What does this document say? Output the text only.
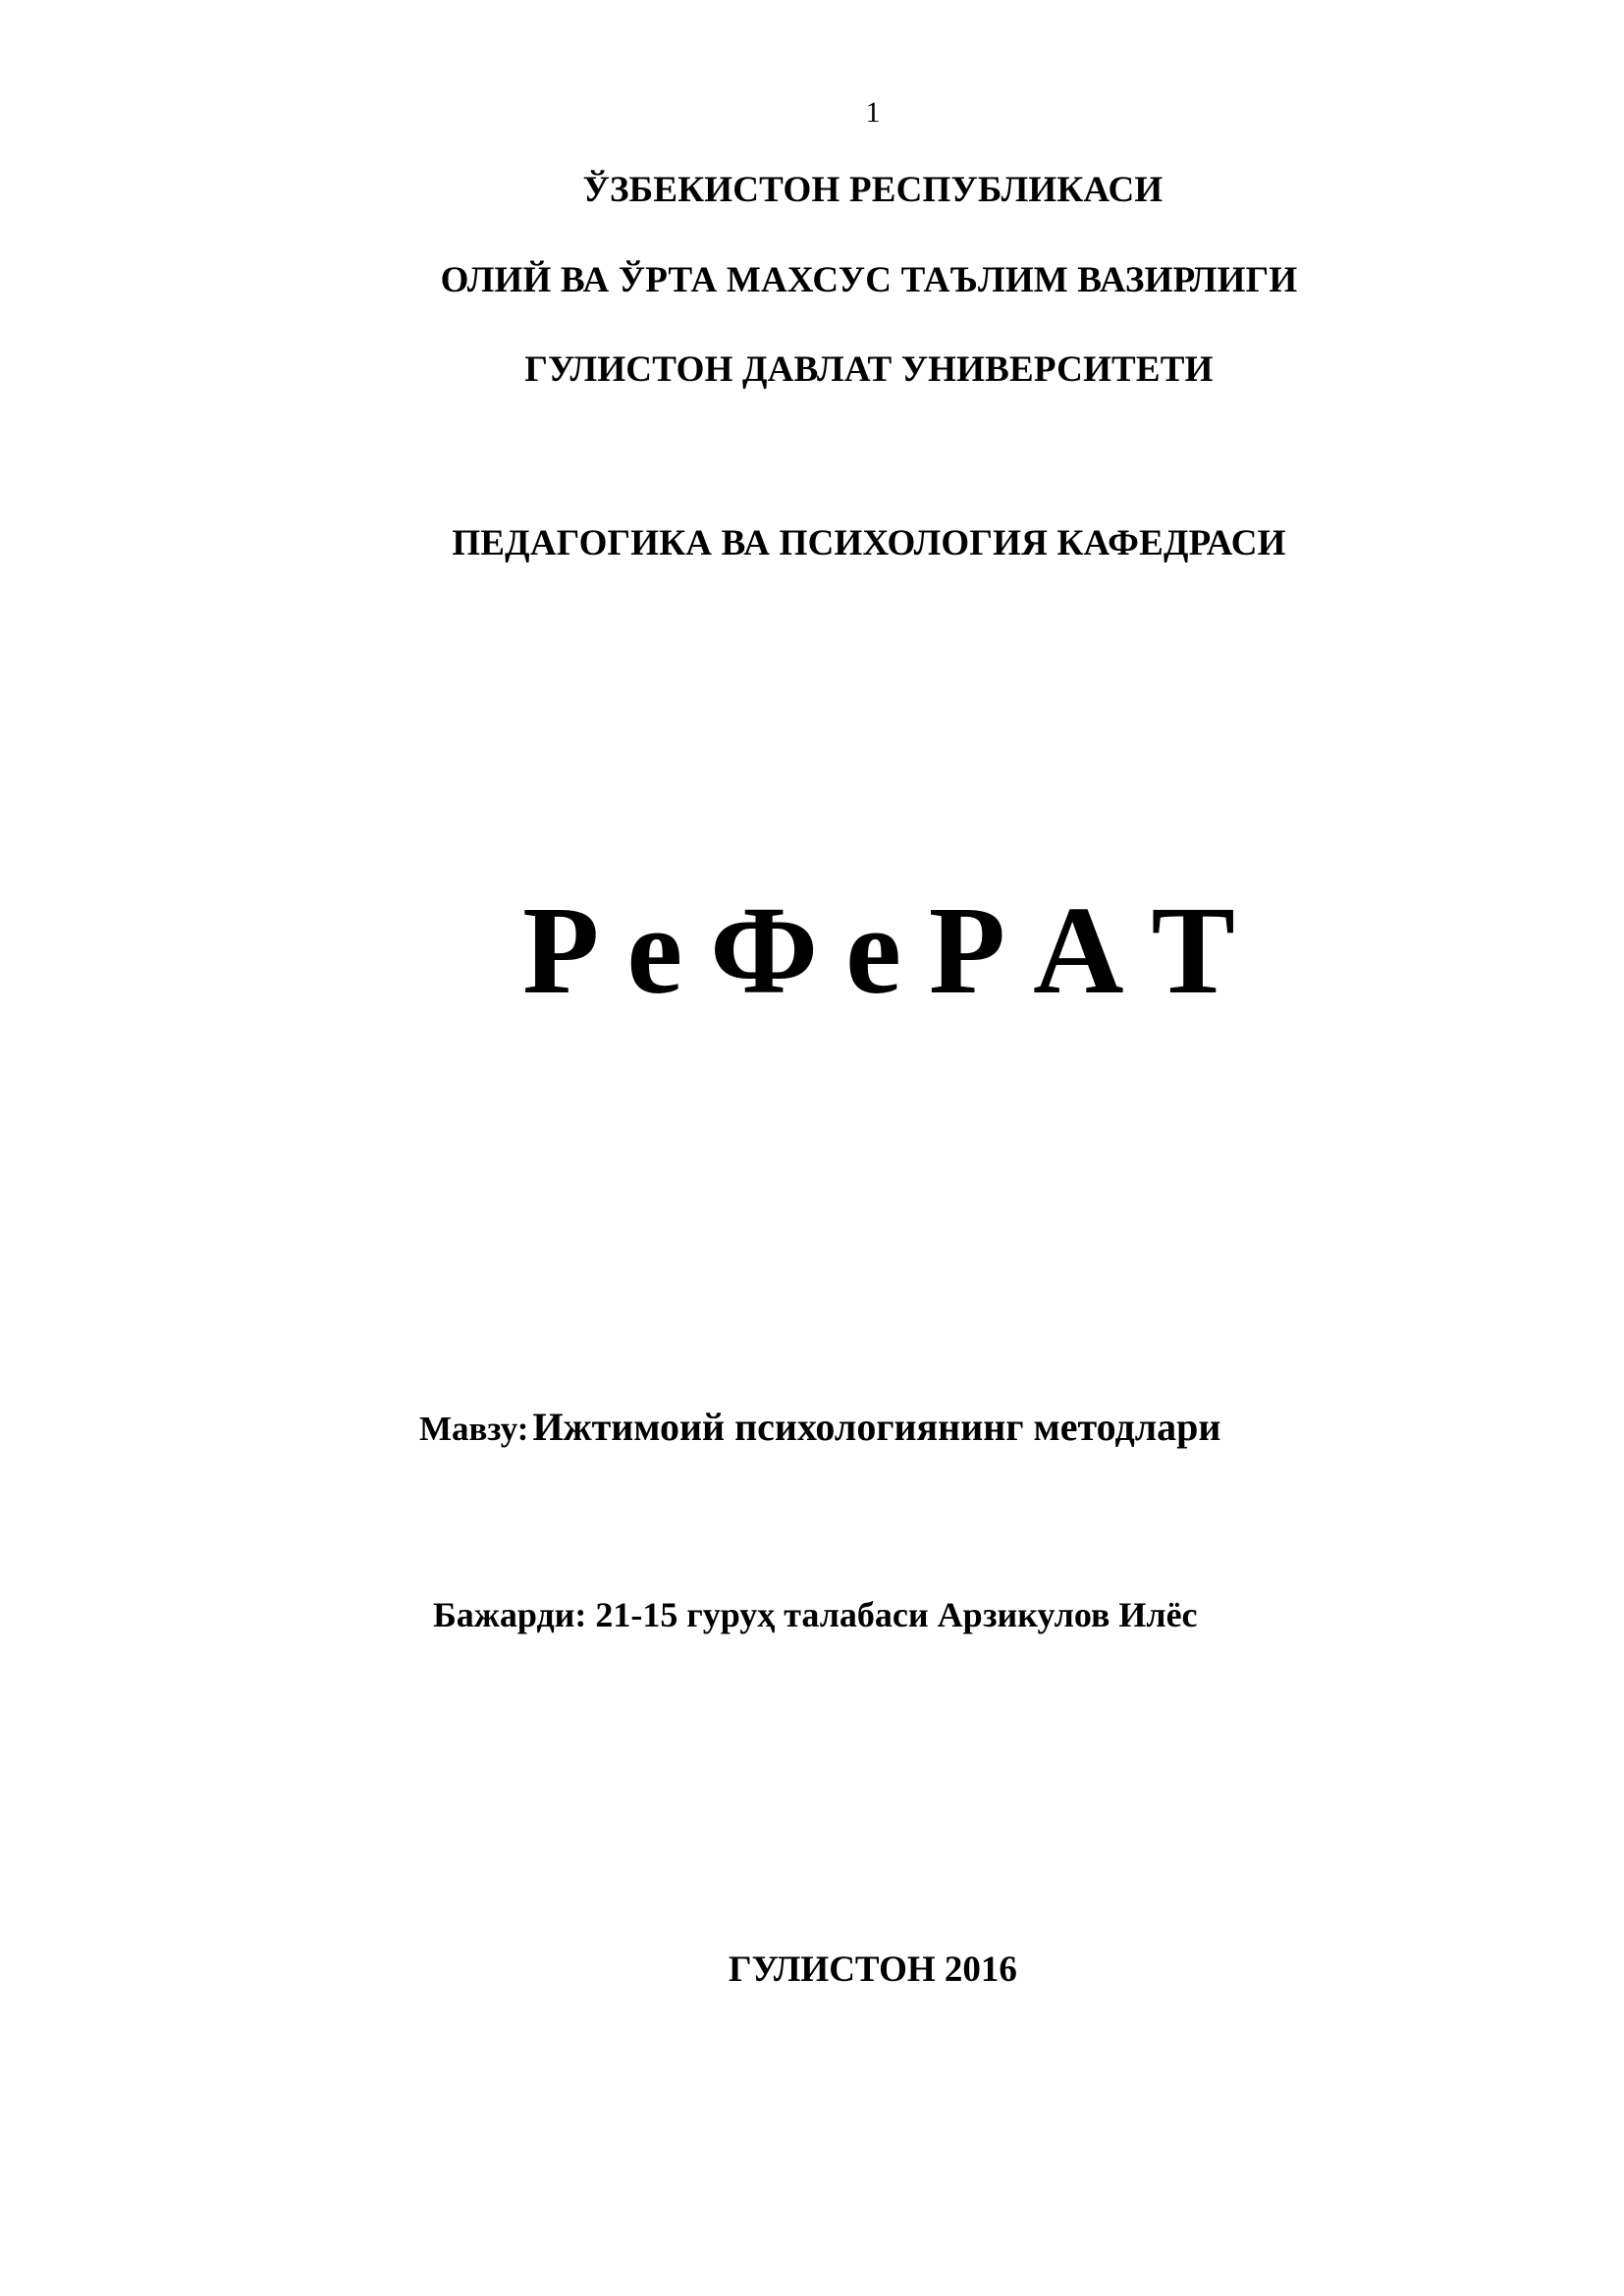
1
ЎЗБЕКИСТОН РЕСПУБЛИКАСИ
ОЛИЙ ВА ЎРТА МАХСУС ТАЪЛИМ ВАЗИРЛИГИ
ГУЛИСТОН ДАВЛАТ УНИВЕРСИТЕТИ
ПЕДАГОГИКА ВА ПСИХОЛОГИЯ КАФЕДРАСИ
Р е Ф е Р А Т
Мавзу: Ижтимоий психологиянинг методлари
Бажарди: 21-15 гуруҳ талабаси Арзикулов Илёс
ГУЛИСТОН 2016
